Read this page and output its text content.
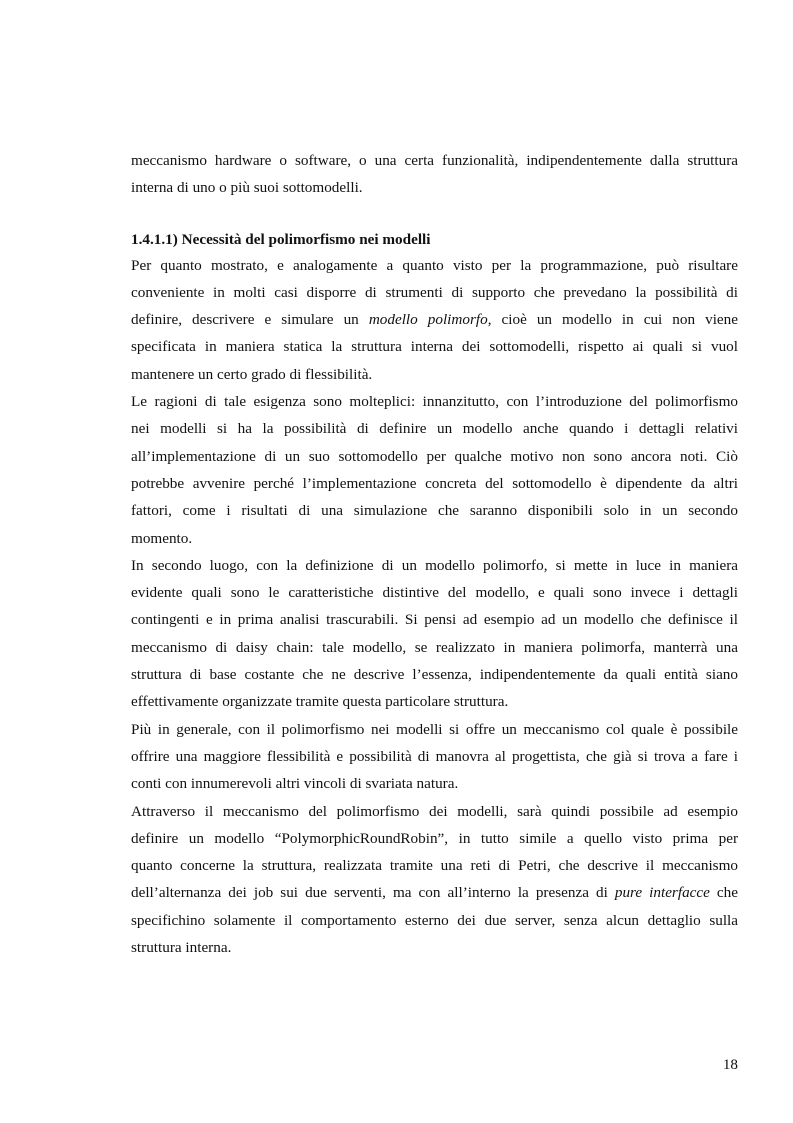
meccanismo hardware o software, o una certa funzionalità, indipendentemente dalla struttura
interna di uno o più suoi sottomodelli.
1.4.1.1) Necessità del polimorfismo nei modelli
Per quanto mostrato, e analogamente a quanto visto per la programmazione, può risultare
conveniente in molti casi disporre di strumenti di supporto che prevedano la possibilità di
definire, descrivere e simulare un modello polimorfo, cioè un modello in cui non viene
specificata in maniera statica la struttura interna dei sottomodelli, rispetto ai quali si vuol
mantenere un certo grado di flessibilità.
Le ragioni di tale esigenza sono molteplici: innanzitutto, con l’introduzione del polimorfismo
nei modelli si ha la possibilità di definire un modello anche quando i dettagli relativi
all’implementazione di un suo sottomodello per qualche motivo non sono ancora noti. Ciò
potrebbe avvenire perché l’implementazione concreta del sottomodello è dipendente da altri
fattori, come i risultati di una simulazione che saranno disponibili solo in un secondo
momento.
In secondo luogo, con la definizione di un modello polimorfo, si mette in luce in maniera
evidente quali sono le caratteristiche distintive del modello, e quali sono invece i dettagli
contingenti e in prima analisi trascurabili. Si pensi ad esempio ad un modello che definisce il
meccanismo di daisy chain: tale modello, se realizzato in maniera polimorfa, manterrà una
struttura di base costante che ne descrive l’essenza, indipendentemente da quali entità siano
effettivamente organizzate tramite questa particolare struttura.
Più in generale, con il polimorfismo nei modelli si offre un meccanismo col quale è possibile
offrire una maggiore flessibilità e possibilità di manovra al progettista, che già si trova a fare i
conti con innumerevoli altri vincoli di svariata natura.
Attraverso il meccanismo del polimorfismo dei modelli, sarà quindi possibile ad esempio
definire un modello “PolymorphicRoundRobin”, in tutto simile a quello visto prima per
quanto concerne la struttura, realizzata tramite una reti di Petri, che descrive il meccanismo
dell’alternanza dei job sui due serventi, ma con all’interno la presenza di pure interfacce che
specifichino solamente il comportamento esterno dei due server, senza alcun dettaglio sulla
struttura interna.
18
